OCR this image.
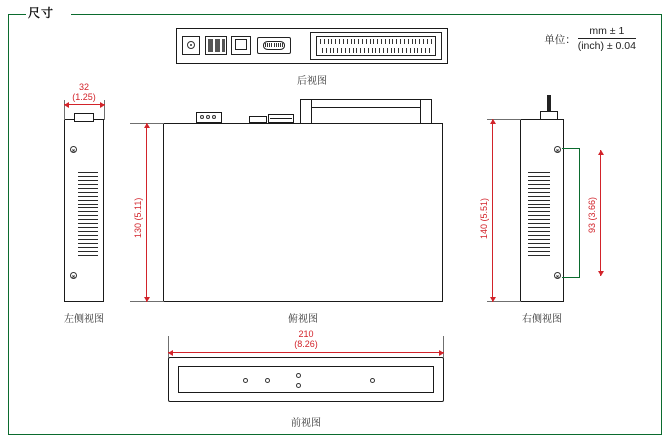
尺寸
单位： $\frac{mm \pm 1}{\text{(inch) ± 0.04}}$
后视图
左侧视图
32
(1.25)
俯视图
130 (5.11)
右侧视图
140 (5.51)
93 (3.66)
前视图
210
(8.26)
